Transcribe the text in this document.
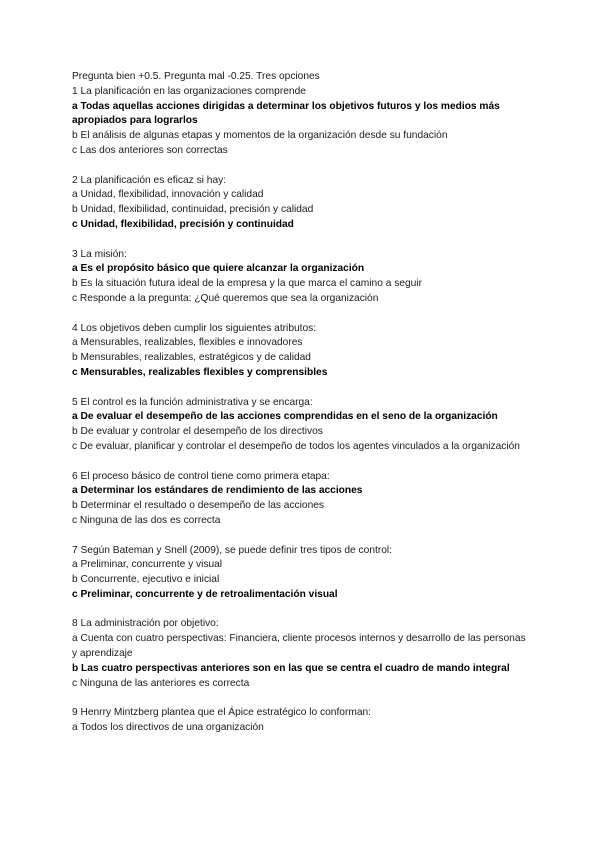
Pregunta bien +0.5. Pregunta mal -0.25. Tres opciones

1 La planificación en las organizaciones comprende

a Todas aquellas acciones dirigidas a determinar los objetivos futuros y los medios más apropiados para lograrlos

b El análisis de algunas etapas y momentos de la organización desde su fundación

c Las dos anteriores son correctas

2 La planificación es eficaz si hay:

a Unidad, flexibilidad, innovación y calidad

b Unidad, flexibilidad, continuidad, precisión y calidad

c Unidad, flexibilidad, precisión y continuidad

3 La misión:

a Es el propósito básico que quiere alcanzar la organización

b Es la situación futura ideal de la empresa y la que marca el camino a seguir

c Responde a la pregunta: ¿Qué queremos que sea la organización

4 Los objetivos deben cumplir los siguientes atributos:

a Mensurables, realizables, flexibles e innovadores

b Mensurables, realizables, estratégicos y de calidad

c Mensurables, realizables flexibles y comprensibles

5 El control es la función administrativa y se encarga:

a De evaluar el desempeño de las acciones comprendidas en el seno de la organización

b De evaluar y controlar el desempeño de los directivos

c De evaluar, planificar y controlar el desempeño de todos los agentes vinculados a la organización

6 El proceso básico de control tiene como primera etapa:

a Determinar los estándares de rendimiento de las acciones

b Determinar el resultado o desempeño de las acciones

c Ninguna de las dos es correcta

7 Según Bateman y Snell (2009), se puede definir tres tipos de control:

a Preliminar, concurrente y visual

b Concurrente, ejecutivo e inicial

c Preliminar, concurrente y de retroalimentación visual

8 La administración por objetivo:

a Cuenta con cuatro perspectivas: Financiera, cliente procesos internos y desarrollo de las personas y aprendizaje

b Las cuatro perspectivas anteriores son en las que se centra el cuadro de mando integral

c Ninguna de las anteriores es correcta

9 Henrry Mintzberg plantea que el Ápice estratégico lo conforman:

a Todos los directivos de una organización
